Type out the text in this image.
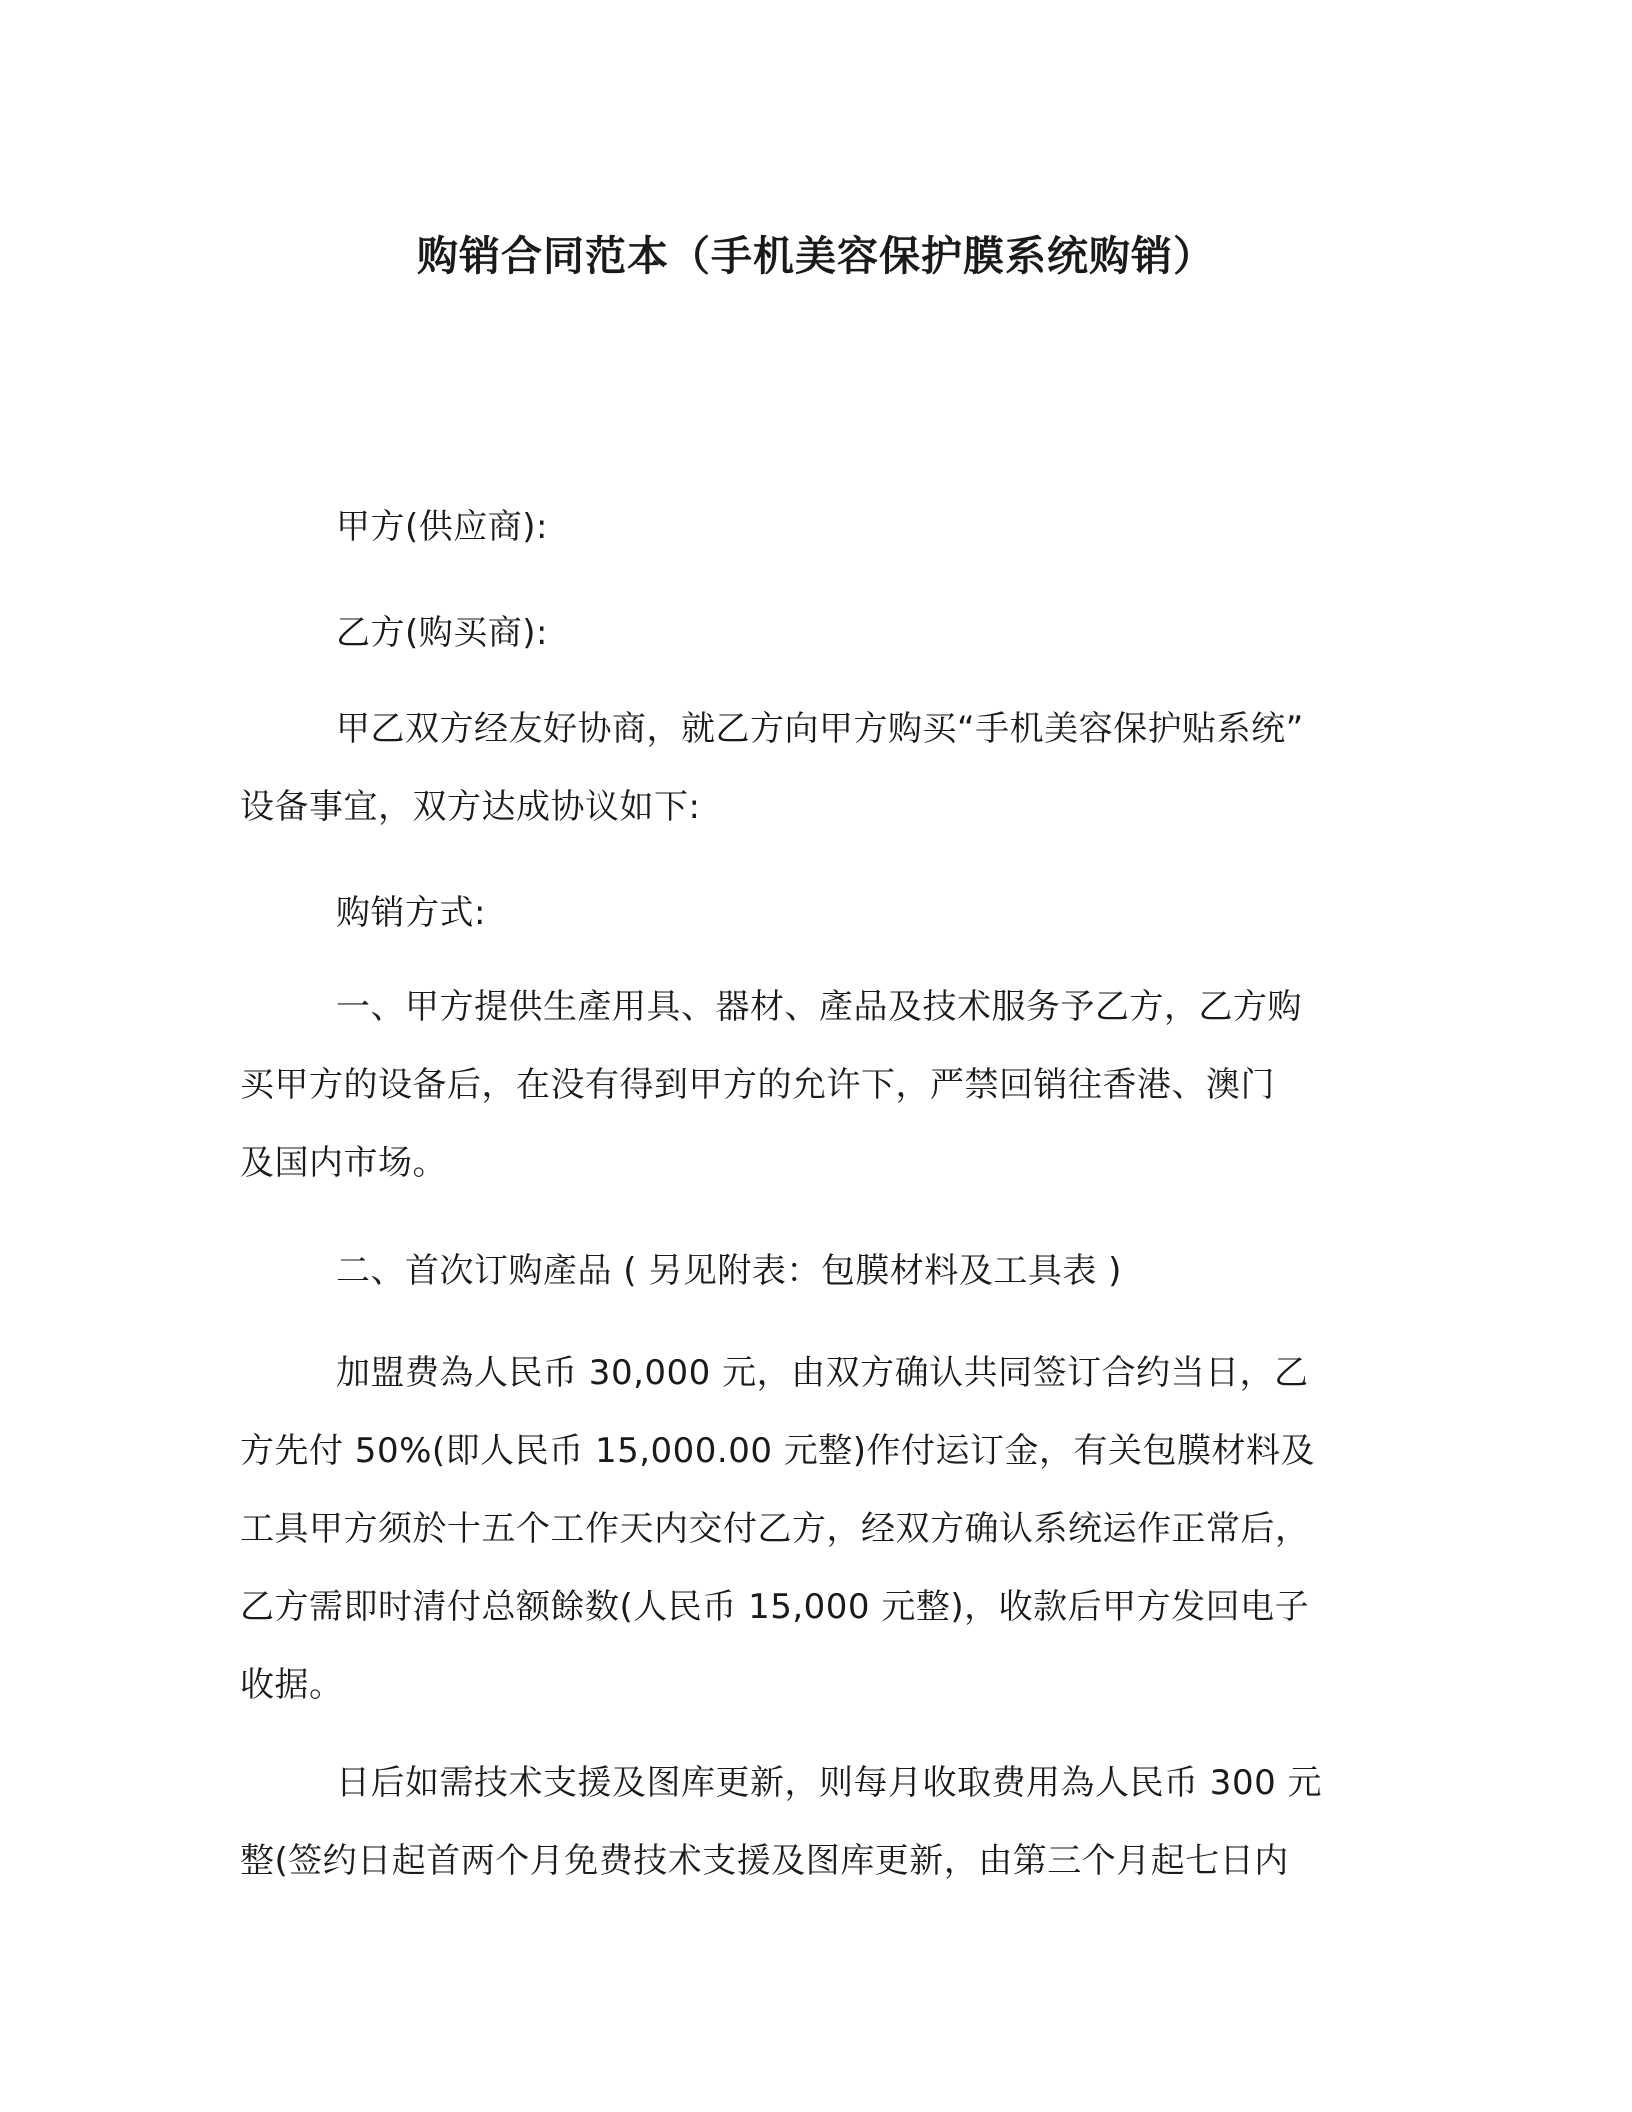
购销合同范本（手机美容保护膜系统购销）

甲方(供应商):

乙方(购买商):

甲乙双方经友好协商，就乙方向甲方购买“手机美容保护贴系统”
设备事宜，双方达成协议如下:

购销方式:

一、甲方提供生產用具、器材、產品及技术服务予乙方，乙方购
买甲方的设备后，在没有得到甲方的允许下，严禁回销往香港、澳门
及国内市场。

二、首次订购產品 ( 另见附表：包膜材料及工具表 )

加盟费為人民币 30,000 元，由双方确认共同签订合约当日，乙
方先付 50%(即人民币 15,000.00 元整)作付运订金，有关包膜材料及
工具甲方须於十五个工作天内交付乙方，经双方确认系统运作正常后，
乙方需即时清付总额餘数(人民币 15,000 元整)，收款后甲方发回电子
收据。

日后如需技术支援及图库更新，则每月收取费用為人民币 300 元
整(签约日起首两个月免费技术支援及图库更新，由第三个月起七日内
